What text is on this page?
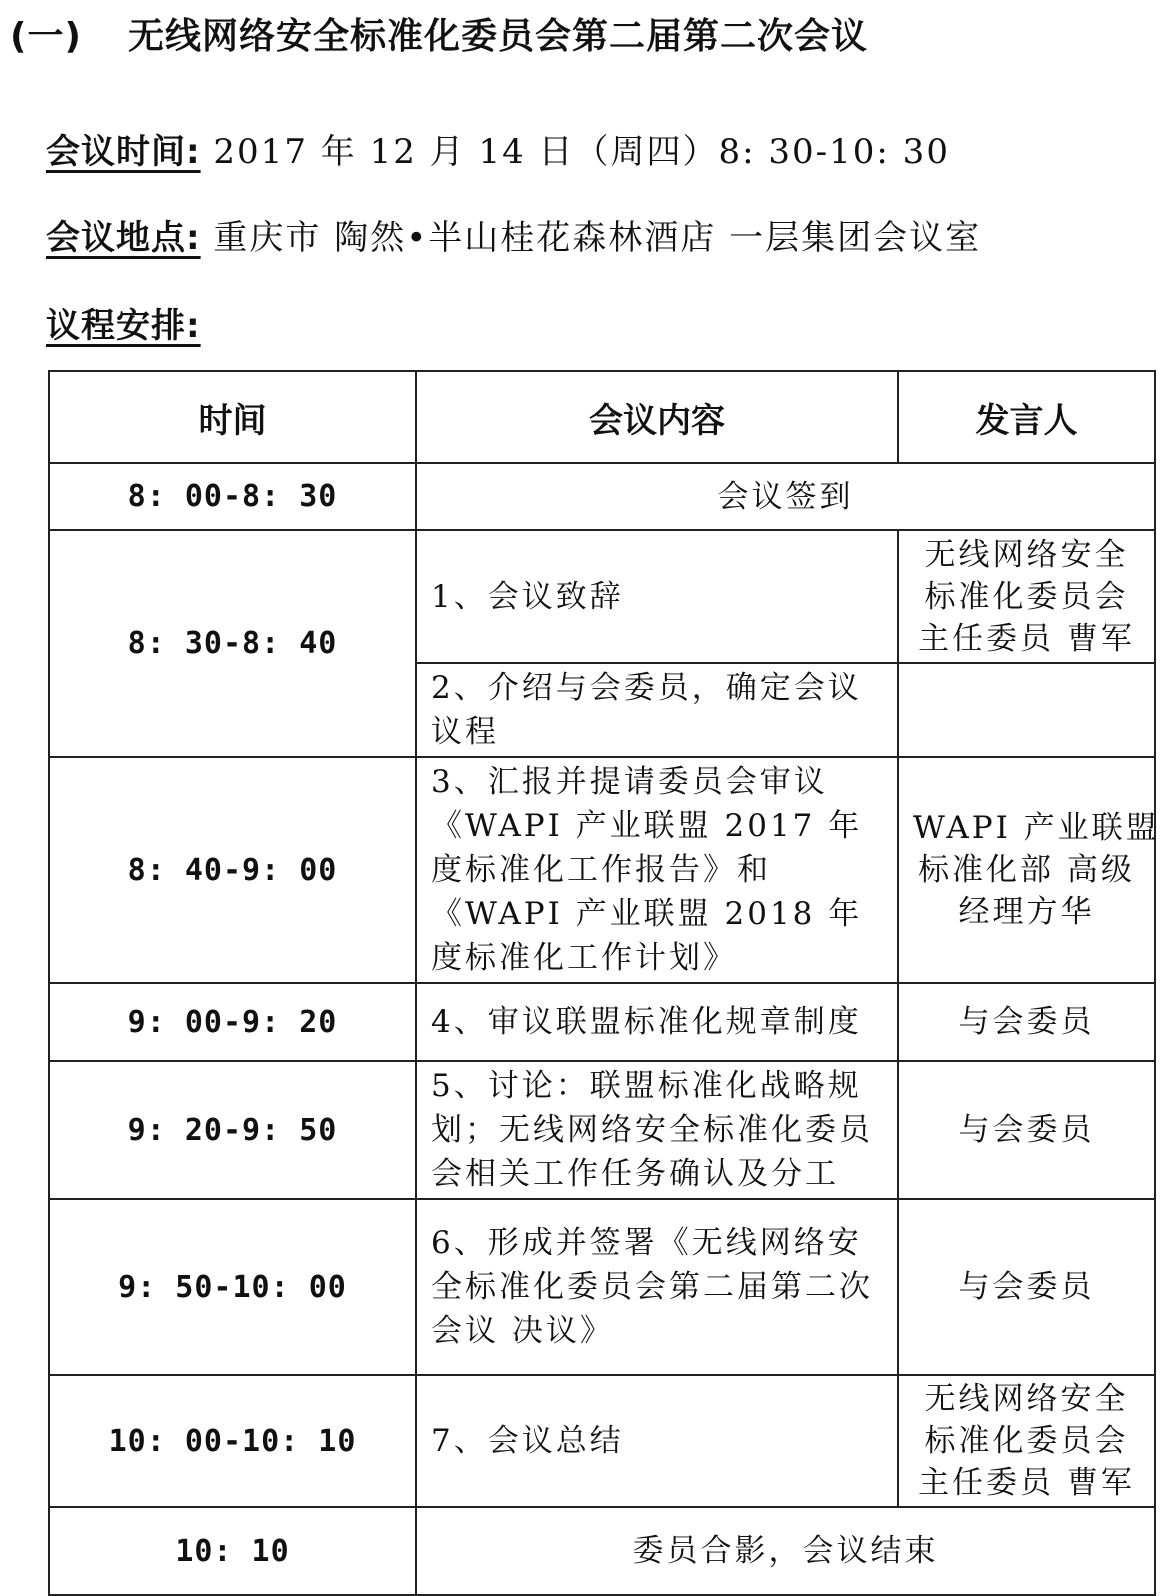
(一) 无线网络安全标准化委员会第二届第二次会议
会议时间: 2017 年 12 月 14 日（周四）8: 30-10: 30
会议地点: 重庆市 陶然•半山桂花森林酒店 一层集团会议室
议程安排:
时间	会议内容	发言人
8: 00-8: 30	会议签到	
8: 30-8: 40	1、会议致辞	无线网络安全
标准化委员会
主任委员 曹军

	2、介绍与会委员，确定会议议程	
8: 40-9: 00	3、汇报并提请委员会审议《WAPI 产业联盟 2017 年度标准化工作报告》和《WAPI 产业联盟 2018 年度标准化工作计划》	WAPI 产业联盟
标准化部 高级
经理方华

9: 00-9: 20	4、审议联盟标准化规章制度	与会委员

9: 20-9: 50	5、讨论：联盟标准化战略规划；无线网络安全标准化委员会相关工作任务确认及分工	与会委员

9: 50-10: 00	6、形成并签署《无线网络安全标准化委员会第二届第二次会议 决议》	与会委员

10: 00-10: 10	7、会议总结	无线网络安全
标准化委员会
主任委员 曹军

10: 10	委员合影，会议结束	
